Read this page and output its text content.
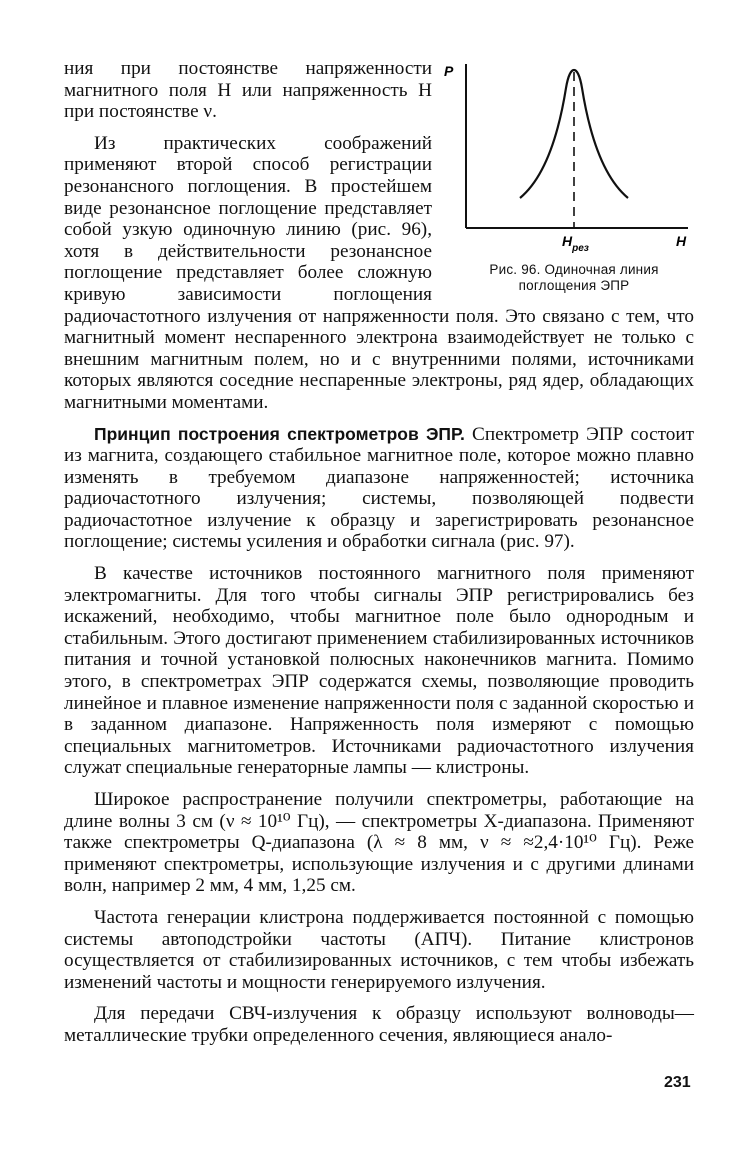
P
$H_{рез}$	H
Рис. 96. Одиночная линия
поглощения ЭПР

ния при постоянстве напряженности магнитного поля H или напряженность H при постоянстве ν.

Из практических соображений применяют второй способ регистрации резонансного поглощения. В простейшем виде резонансное поглощение представляет собой узкую одиночную линию (рис. 96), хотя в действительности резонансное поглощение представляет более сложную кривую зависимости поглощения радиочастотного излучения от напряженности поля. Это связано с тем, что магнитный момент неспаренного электрона взаимодействует не только с внешним магнитным полем, но и с внутренними полями, источниками которых являются соседние неспаренные электроны, ряд ядер, обладающих магнитными моментами.

Принцип построения спектрометров ЭПР. Спектрометр ЭПР состоит из магнита, создающего стабильное магнитное поле, которое можно плавно изменять в требуемом диапазоне напряженностей; источника радиочастотного излучения; системы, позволяющей подвести радиочастотное излучение к образцу и зарегистрировать резонансное поглощение; системы усиления и обработки сигнала (рис. 97).

В качестве источников постоянного магнитного поля применяют электромагниты. Для того чтобы сигналы ЭПР регистрировались без искажений, необходимо, чтобы магнитное поле было однородным и стабильным. Этого достигают применением стабилизированных источников питания и точной установкой полюсных наконечников магнита. Помимо этого, в спектрометрах ЭПР содержатся схемы, позволяющие проводить линейное и плавное изменение напряженности поля с заданной скоростью и в заданном диапазоне. Напряженность поля измеряют с помощью специальных магнитометров. Источниками радиочастотного излучения служат специальные генераторные лампы — клистроны.

Широкое распространение получили спектрометры, работающие на длине волны 3 см (ν ≈ 10¹⁰ Гц), — спектрометры X-диапазона. Применяют также спектрометры Q-диапазона (λ ≈ 8 мм, ν ≈ ≈2,4·10¹⁰ Гц). Реже применяют спектрометры, использующие излучения и с другими длинами волн, например 2 мм, 4 мм, 1,25 см.

Частота генерации клистрона поддерживается постоянной с помощью системы автоподстройки частоты (АПЧ). Питание клистронов осуществляется от стабилизированных источников, с тем чтобы избежать изменений частоты и мощности генерируемого излучения.

Для передачи СВЧ-излучения к образцу используют волноводы— металлические трубки определенного сечения, являющиеся анало-

231
